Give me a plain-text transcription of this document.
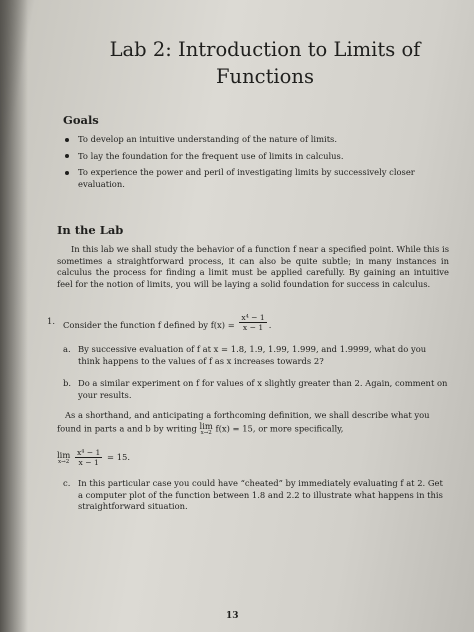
Lab 2: Introduction to Limits of
Functions
Goals
To develop an intuitive understanding of the nature of limits.
To lay the foundation for the frequent use of limits in calculus.
To experience the power and peril of investigating limits by successively closer evaluation.
In the Lab
In this lab we shall study the behavior of a function f near a specified point. While this is sometimes a straightforward process, it can also be quite subtle; in many instances in calculus the process for finding a limit must be applied carefully. By gaining an intuitive feel for the notion of limits, you will be laying a solid foundation for success in calculus.
1. Consider the function f defined by $f(x) = \frac{\text{x⁴ − 1}}{x - 1}$ .
a. By successive evaluation of f at x = 1.8, 1.9, 1.99, 1.999, and 1.9999, what do you think happens to the values of f as x increases towards 2?
b. Do a similar experiment on f for values of x slightly greater than 2. Again, comment on your results.
As a shorthand, and anticipating a forthcoming definition, we shall describe what you found in parts a and b by writing lim
x→2 f(x) = 15, or more specifically,
lim
x→2
$\frac{\text{x⁴ − 1}}{x - 1} = 15$.
c. In this particular case you could have “cheated” by immediately evaluating f at 2. Get a computer plot of the function between 1.8 and 2.2 to illustrate what happens in this straightforward situation.
13
